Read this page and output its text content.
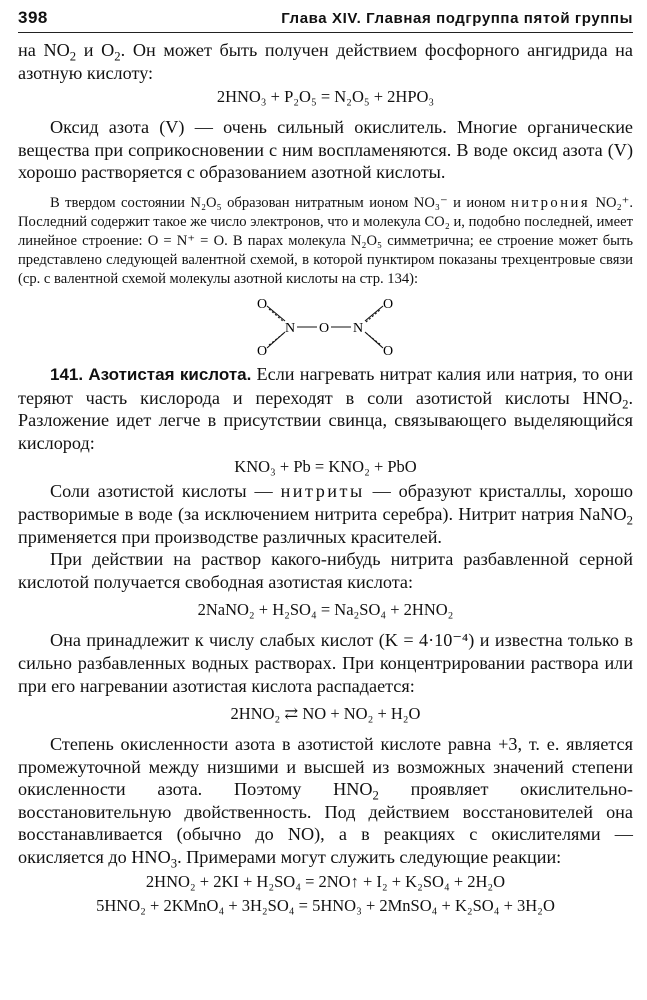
398	Глава XIV. Главная подгруппа пятой группы

на $NO_2$ и $O_2$. Он может быть получен действием фосфорного ангидрида на азотную кислоту:

2HNO₃ + P₂O₅ = N₂O₅ + 2HPO₃

Оксид азота (V) — очень сильный окислитель. Многие органические вещества при соприкосновении с ним воспламеняются. В воде оксид азота (V) хорошо растворяется с образованием азотной кислоты.

В твердом состоянии N₂O₅ образован нитратным ионом NO₃⁻ и ионом нитрония NO₂⁺. Последний содержит такое же число электронов, что и молекула CO₂ и, подобно последней, имеет линейное строение: O = N⁺ = O. В парах молекула N₂O₅ симметрична; ее строение может быть представлено следующей валентной схемой, в которой пунктиром показаны трехцентровые связи (ср. с валентной схемой молекулы азотной кислоты на стр. 134):

O
O
N O N
O
O

141. Азотистая кислота. Если нагревать нитрат калия или натрия, то они теряют часть кислорода и переходят в соли азотистой кислоты $HNO_2$. Разложение идет легче в присутствии свинца, связывающего выделяющийся кислород:

KNO₃ + Pb = KNO₂ + PbO

Соли азотистой кислоты — нитриты — образуют кристаллы, хорошо растворимые в воде (за исключением нитрита серебра). Нитрит натрия NaNO$_2$ применяется при производстве различных красителей.

При действии на раствор какого-нибудь нитрита разбавленной серной кислотой получается свободная азотистая кислота:

2NaNO₂ + H₂SO₄ = Na₂SO₄ + 2HNO₂

Она принадлежит к числу слабых кислот (K = 4·10⁻⁴) и известна только в сильно разбавленных водных растворах. При концентрировании раствора или при его нагревании азотистая кислота распадается:

2HNO₂ ⇄ NO + NO₂ + H₂O

Степень окисленности азота в азотистой кислоте равна +3, т. е. является промежуточной между низшими и высшей из возможных значений степени окисленности азота. Поэтому $HNO_2$ проявляет окислительно-восстановительную двойственность. Под действием восстановителей она восстанавливается (обычно до NO), а в реакциях с окислителями — окисляется до $HNO_3$. Примерами могут служить следующие реакции:

2HNO₂ + 2KI + H₂SO₄ = 2NO↑ + I₂ + K₂SO₄ + 2H₂O
5HNO₂ + 2KMnO₄ + 3H₂SO₄ = 5HNO₃ + 2MnSO₄ + K₂SO₄ + 3H₂O
